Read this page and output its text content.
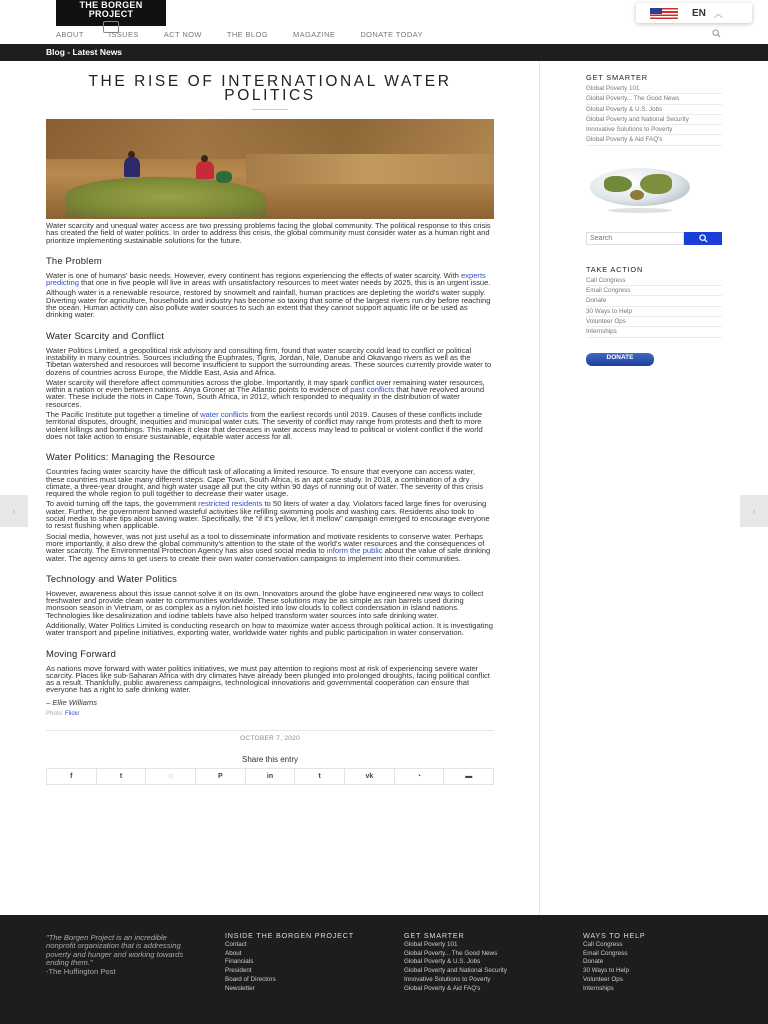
THE BORGEN PROJECT
ABOUT	ISSUES	ACT NOW	THE BLOG	MAGAZINE	DONATE TODAY
EN ︿
Blog - Latest News
THE RISE OF INTERNATIONAL WATER POLITICS

Water scarcity and unequal water access are two pressing problems facing the global community. The political response to this crisis has created the field of water politics. In order to address this crisis, the global community must consider water as a human right and prioritize implementing sustainable solutions for the future.

The Problem

Water is one of humans' basic needs. However, every continent has regions experiencing the effects of water scarcity. With experts predicting that one in five people will live in areas with unsatisfactory resources to meet water needs by 2025, this is an urgent issue.

Although water is a renewable resource, restored by snowmelt and rainfall, human practices are depleting the world's water supply. Diverting water for agriculture, households and industry has become so taxing that some of the largest rivers run dry before reaching the ocean. Human activity can also pollute water sources to such an extent that they cannot support aquatic life or be used as drinking water.

Water Scarcity and Conflict

Water Politics Limited, a geopolitical risk advisory and consulting firm, found that water scarcity could lead to conflict or political instability in many countries. Sources including the Euphrates, Tigris, Jordan, Nile, Danube and Okavango rivers as well as the Tibetan watershed and resources will become insufficient to support the surrounding areas. These sources currently provide water to dozens of countries across Europe, the Middle East, Asia and Africa.

Water scarcity will therefore affect communities across the globe. Importantly, it may spark conflict over remaining water resources, within a nation or even between nations. Anya Groner at The Atlantic points to evidence of past conflicts that have revolved around water. These include the riots in Cape Town, South Africa, in 2012, which responded to inequality in the distribution of water resources.

The Pacific Institute put together a timeline of water conflicts from the earliest records until 2019. Causes of these conflicts include territorial disputes, drought, inequities and municipal water cuts. The severity of conflict may range from protests and theft to more violent killings and bombings. This makes it clear that decreases in water access may lead to political or violent conflict if the world does not take action to ensure sustainable, equitable water access for all.

Water Politics: Managing the Resource

Countries facing water scarcity have the difficult task of allocating a limited resource. To ensure that everyone can access water, these countries must take many different steps. Cape Town, South Africa, is an apt case study. In 2018, a combination of a dry climate, a three-year drought, and high water usage all put the city within 90 days of running out of water. The severity of this crisis required the whole region to pull together to decrease their water usage.

To avoid turning off the taps, the government restricted residents to 50 liters of water a day. Violators faced large fines for overusing water. Further, the government banned wasteful activities like refilling swimming pools and washing cars. Residents also took to social media to share tips about saving water. Specifically, the "if it's yellow, let it mellow" campaign emerged to encourage everyone to resist flushing when applicable.

Social media, however, was not just useful as a tool to disseminate information and motivate residents to conserve water. Perhaps more importantly, it also drew the global community's attention to the state of the world's water resources and the consequences of water scarcity. The Environmental Protection Agency has also used social media to inform the public about the value of safe drinking water. The agency aims to get users to create their own water conservation campaigns to implement into their communities.

Technology and Water Politics

However, awareness about this issue cannot solve it on its own. Innovators around the globe have engineered new ways to collect freshwater and provide clean water to communities worldwide. These solutions may be as simple as rain barrels used during monsoon season in Vietnam, or as complex as a nylon net hoisted into low clouds to collect condensation in island nations. Technologies like desalinization and iodine tablets have also helped transform water sources into safe drinking water.

Additionally, Water Politics Limited is conducting research on how to maximize water access through political action. It is investigating water transport and pipeline initiatives, exporting water, worldwide water rights and public participation in water conservation.

Moving Forward

As nations move forward with water politics initiatives, we must pay attention to regions most at risk of experiencing severe water scarcity. Places like sub-Saharan Africa with dry climates have already been plunged into prolonged droughts, facing political conflict as a result. Thankfully, public awareness campaigns, technological innovations and governmental cooperation can ensure that everyone has a right to safe drinking water.

– Ellie Williams
Photo: Flickr
OCTOBER 7, 2020
Share this entry
f	t	◌	P	in	t	vk	◔	▬
GET SMARTER
Global Poverty 101
Global Poverty... The Good News
Global Poverty & U.S. Jobs
Global Poverty and National Security
Innovative Solutions to Poverty
Global Poverty & Aid FAQ's
Search
TAKE ACTION
Call Congress
Email Congress
Donate
30 Ways to Help
Volunteer Ops
Internships
DONATE
‹	›
"The Borgen Project is an incredible nonprofit organization that is addressing poverty and hunger and working towards ending them."
-The Huffington Post
INSIDE THE BORGEN PROJECT
Contact
About
Financials
President
Board of Directors
Newsletter
GET SMARTER
Global Poverty 101
Global Poverty... The Good News
Global Poverty & U.S. Jobs
Global Poverty and National Security
Innovative Solutions to Poverty
Global Poverty & Aid FAQ's
WAYS TO HELP
Call Congress
Email Congress
Donate
30 Ways to Help
Volunteer Ops
Internships
